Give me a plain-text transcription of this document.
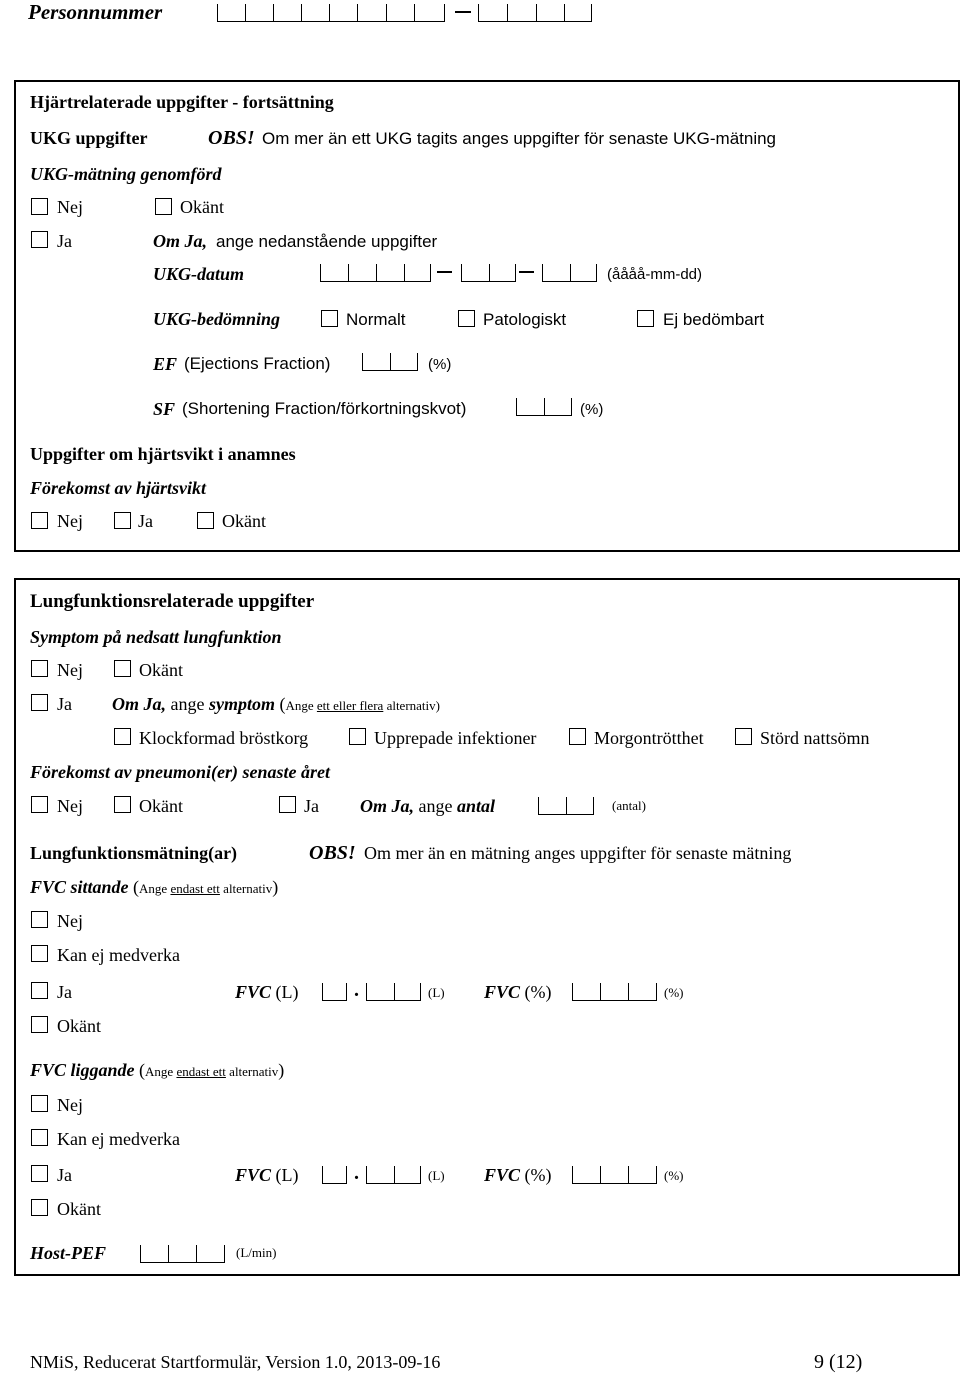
Personnummer
Hjärtrelaterade uppgifter - fortsättning
UKG uppgifter	OBS! Om mer än ett UKG tagits anges uppgifter för senaste UKG-mätning
UKG-mätning genomförd
Nej	Okänt
Ja	Om Ja, ange nedanstående uppgifter
UKG-datum	(åååå-mm-dd)
UKG-bedömning	Normalt	Patologiskt	Ej bedömbart
EF (Ejections Fraction)	(%)
SF (Shortening Fraction/förkortningskvot)	(%)
Uppgifter om hjärtsvikt i anamnes
Förekomst av hjärtsvikt
Nej	Ja	Okänt
Lungfunktionsrelaterade uppgifter
Symptom på nedsatt lungfunktion
Nej	Okänt
Ja Om Ja, ange symptom (Ange ett eller flera alternativ)
Klockformad bröstkorg	Upprepade infektioner	Morgontrötthet	Störd nattsömn
Förekomst av pneumoni(er) senaste året
Nej	Okänt	Ja Om Ja, ange antal	(antal)
Lungfunktionsmätning(ar)	OBS! Om mer än en mätning anges uppgifter för senaste mätning
FVC sittande (Ange endast ett alternativ)
Nej
Kan ej medverka
Ja	FVC (L)	.	(L) FVC (%)	(%)
Okänt
FVC liggande (Ange endast ett alternativ)
Nej
Kan ej medverka
Ja	FVC (L)	.	(L) FVC (%)	(%)
Okänt
Host-PEF	(L/min)
NMiS, Reducerat Startformulär, Version 1.0, 2013-09-16	9 (12)
